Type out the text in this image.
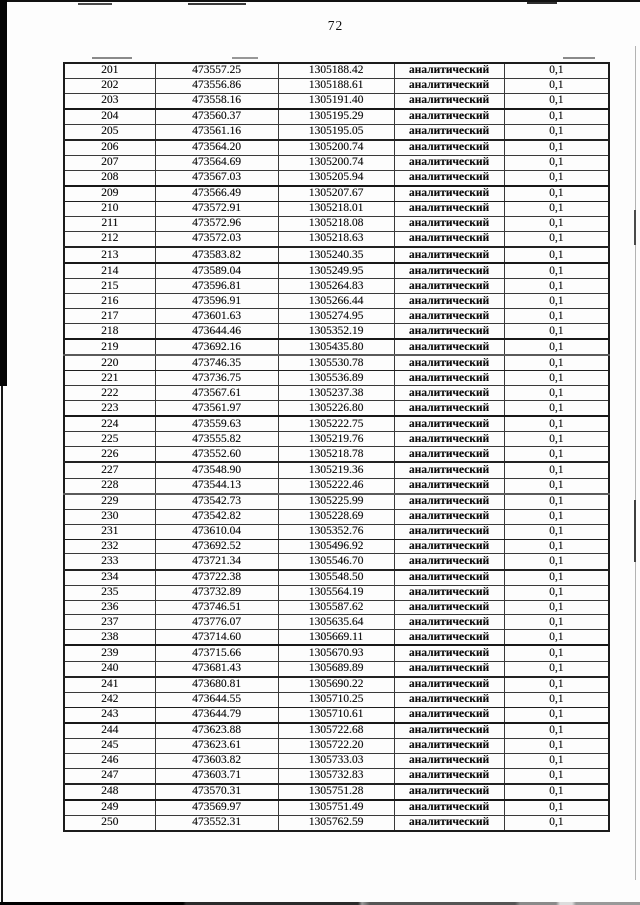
72
201	473557.25	1305188.42	аналитический	0,1
202	473556.86	1305188.61	аналитический	0,1
203	473558.16	1305191.40	аналитический	0,1
204	473560.37	1305195.29	аналитический	0,1
205	473561.16	1305195.05	аналитический	0,1
206	473564.20	1305200.74	аналитический	0,1
207	473564.69	1305200.74	аналитический	0,1
208	473567.03	1305205.94	аналитический	0,1
209	473566.49	1305207.67	аналитический	0,1
210	473572.91	1305218.01	аналитический	0,1
211	473572.96	1305218.08	аналитический	0,1
212	473572.03	1305218.63	аналитический	0,1
213	473583.82	1305240.35	аналитический	0,1
214	473589.04	1305249.95	аналитический	0,1
215	473596.81	1305264.83	аналитический	0,1
216	473596.91	1305266.44	аналитический	0,1
217	473601.63	1305274.95	аналитический	0,1
218	473644.46	1305352.19	аналитический	0,1
219	473692.16	1305435.80	аналитический	0,1
220	473746.35	1305530.78	аналитический	0,1
221	473736.75	1305536.89	аналитический	0,1
222	473567.61	1305237.38	аналитический	0,1
223	473561.97	1305226.80	аналитический	0,1
224	473559.63	1305222.75	аналитический	0,1
225	473555.82	1305219.76	аналитический	0,1
226	473552.60	1305218.78	аналитический	0,1
227	473548.90	1305219.36	аналитический	0,1
228	473544.13	1305222.46	аналитический	0,1
229	473542.73	1305225.99	аналитический	0,1
230	473542.82	1305228.69	аналитический	0,1
231	473610.04	1305352.76	аналитический	0,1
232	473692.52	1305496.92	аналитический	0,1
233	473721.34	1305546.70	аналитический	0,1
234	473722.38	1305548.50	аналитический	0,1
235	473732.89	1305564.19	аналитический	0,1
236	473746.51	1305587.62	аналитический	0,1
237	473776.07	1305635.64	аналитический	0,1
238	473714.60	1305669.11	аналитический	0,1
239	473715.66	1305670.93	аналитический	0,1
240	473681.43	1305689.89	аналитический	0,1
241	473680.81	1305690.22	аналитический	0,1
242	473644.55	1305710.25	аналитический	0,1
243	473644.79	1305710.61	аналитический	0,1
244	473623.88	1305722.68	аналитический	0,1
245	473623.61	1305722.20	аналитический	0,1
246	473603.82	1305733.03	аналитический	0,1
247	473603.71	1305732.83	аналитический	0,1
248	473570.31	1305751.28	аналитический	0,1
249	473569.97	1305751.49	аналитический	0,1
250	473552.31	1305762.59	аналитический	0,1
